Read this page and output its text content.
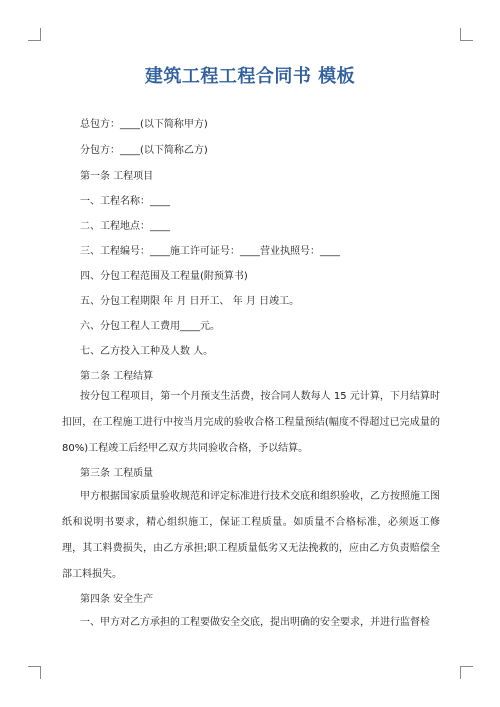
建筑工程工程合同书 模板
总包方：____(以下简称甲方)
分包方：____(以下简称乙方)
第一条 工程项目
一、工程名称：____
二、工程地点：____
三、工程编号：____施工许可证号：____营业执照号：____
四、分包工程范围及工程量(附预算书)
五、分包工程期限 年 月 日开工、 年 月 日竣工。
六、分包工程人工费用____元。
七、乙方投入工种及人数 人。
第二条 工程结算
按分包工程项目，第一个月预支生活费，按合同人数每人 15 元计算，下月结算时扣回，在工程施工进行中按当月完成的验收合格工程量预结(幅度不得超过已完成量的 80%)工程竣工后经甲乙双方共同验收合格，予以结算。
第三条 工程质量
甲方根据国家质量验收规范和评定标准进行技术交底和组织验收，乙方按照施工图纸和说明书要求，精心组织施工，保证工程质量。如质量不合格标准，必须返工修理，其工料费损失，由乙方承担;职工程质量低劣又无法挽救的，应由乙方负责赔偿全部工料损失。
第四条 安全生产
一、甲方对乙方承担的工程要做安全交底，提出明确的安全要求，并进行监督检
